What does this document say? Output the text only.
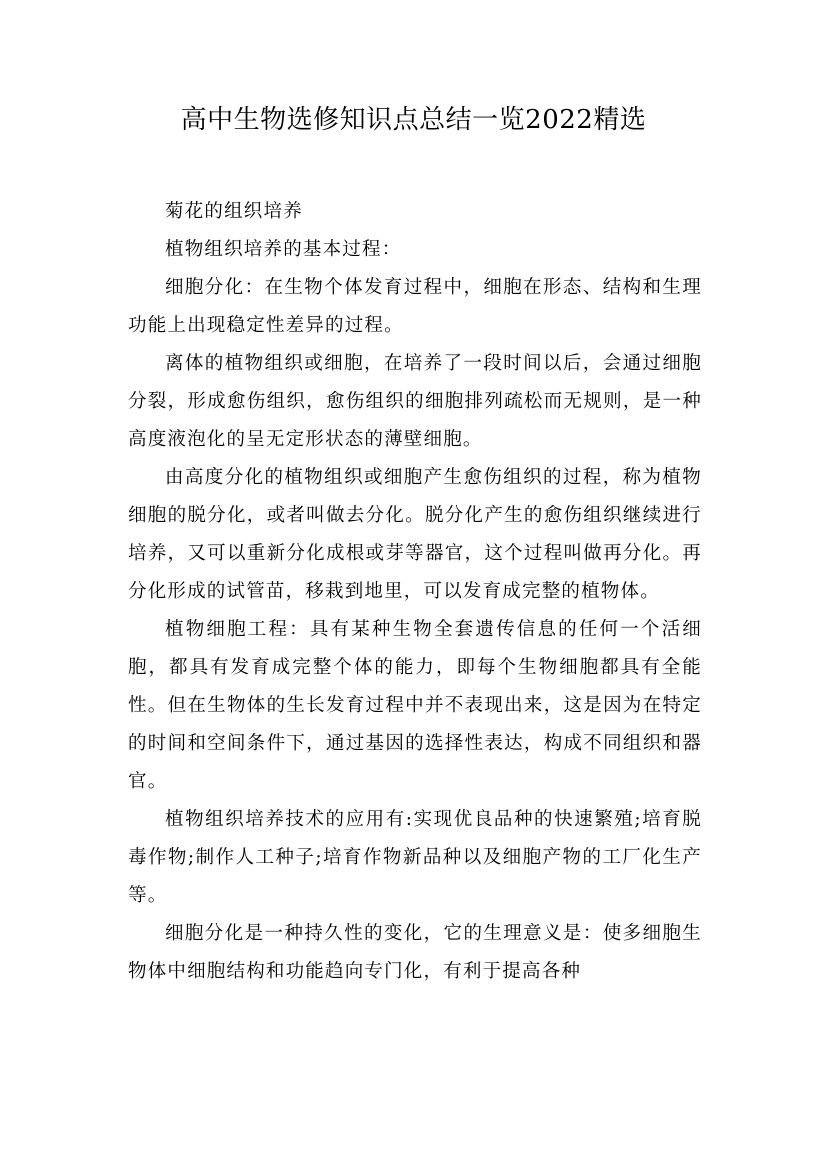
高中生物选修知识点总结一览2022精选

菊花的组织培养

植物组织培养的基本过程：

细胞分化：在生物个体发育过程中，细胞在形态、结构和生理功能上出现稳定性差异的过程。

离体的植物组织或细胞，在培养了一段时间以后，会通过细胞分裂，形成愈伤组织，愈伤组织的细胞排列疏松而无规则，是一种高度液泡化的呈无定形状态的薄壁细胞。

由高度分化的植物组织或细胞产生愈伤组织的过程，称为植物细胞的脱分化，或者叫做去分化。脱分化产生的愈伤组织继续进行培养，又可以重新分化成根或芽等器官，这个过程叫做再分化。再分化形成的试管苗，移栽到地里，可以发育成完整的植物体。

植物细胞工程：具有某种生物全套遗传信息的任何一个活细胞，都具有发育成完整个体的能力，即每个生物细胞都具有全能性。但在生物体的生长发育过程中并不表现出来，这是因为在特定的时间和空间条件下，通过基因的选择性表达，构成不同组织和器官。

植物组织培养技术的应用有:实现优良品种的快速繁殖;培育脱毒作物;制作人工种子;培育作物新品种以及细胞产物的工厂化生产等。

细胞分化是一种持久性的变化，它的生理意义是：使多细胞生物体中细胞结构和功能趋向专门化，有利于提高各种
